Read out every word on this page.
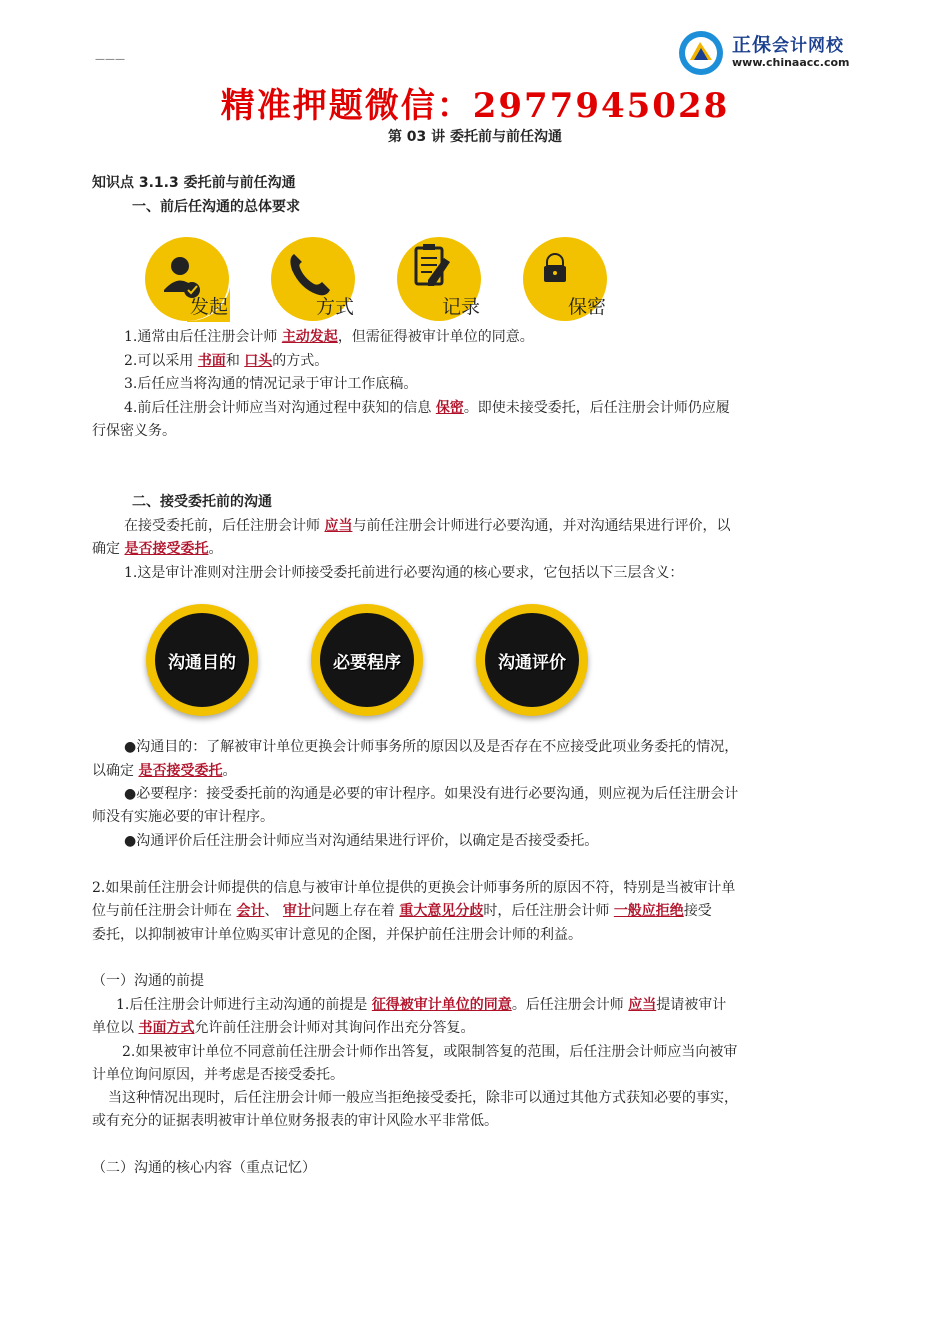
———
正保会计网校
www.chinaacc.com
精准押题微信：2977945028
第 03 讲 委托前与前任沟通
知识点 3.1.3 委托前与前任沟通
一、前后任沟通的总体要求
发起	方式	记录	保密
1.通常由后任注册会计师 主动发起，但需征得被审计单位的同意。
2.可以采用 书面和 口头的方式。
3.后任应当将沟通的情况记录于审计工作底稿。
4.前后任注册会计师应当对沟通过程中获知的信息 保密。即使未接受委托，后任注册会计师仍应履
行保密义务。
二、接受委托前的沟通
在接受委托前，后任注册会计师 应当与前任注册会计师进行必要沟通，并对沟通结果进行评价，以
确定 是否接受委托。
1.这是审计准则对注册会计师接受委托前进行必要沟通的核心要求，它包括以下三层含义：
沟通目的	必要程序	沟通评价
●沟通目的：了解被审计单位更换会计师事务所的原因以及是否存在不应接受此项业务委托的情况，
以确定 是否接受委托。
●必要程序：接受委托前的沟通是必要的审计程序。如果没有进行必要沟通，则应视为后任注册会计
师没有实施必要的审计程序。
●沟通评价后任注册会计师应当对沟通结果进行评价，以确定是否接受委托。
2.如果前任注册会计师提供的信息与被审计单位提供的更换会计师事务所的原因不符，特别是当被审计单
位与前任注册会计师在 会计、 审计问题上存在着 重大意见分歧时，后任注册会计师 一般应拒绝接受
委托，以抑制被审计单位购买审计意见的企图，并保护前任注册会计师的利益。
（一）沟通的前提
1.后任注册会计师进行主动沟通的前提是 征得被审计单位的同意。后任注册会计师 应当提请被审计
单位以 书面方式允许前任注册会计师对其询问作出充分答复。
2.如果被审计单位不同意前任注册会计师作出答复，或限制答复的范围，后任注册会计师应当向被审
计单位询问原因，并考虑是否接受委托。
当这种情况出现时，后任注册会计师一般应当拒绝接受委托，除非可以通过其他方式获知必要的事实，
或有充分的证据表明被审计单位财务报表的审计风险水平非常低。
（二）沟通的核心内容（重点记忆）
